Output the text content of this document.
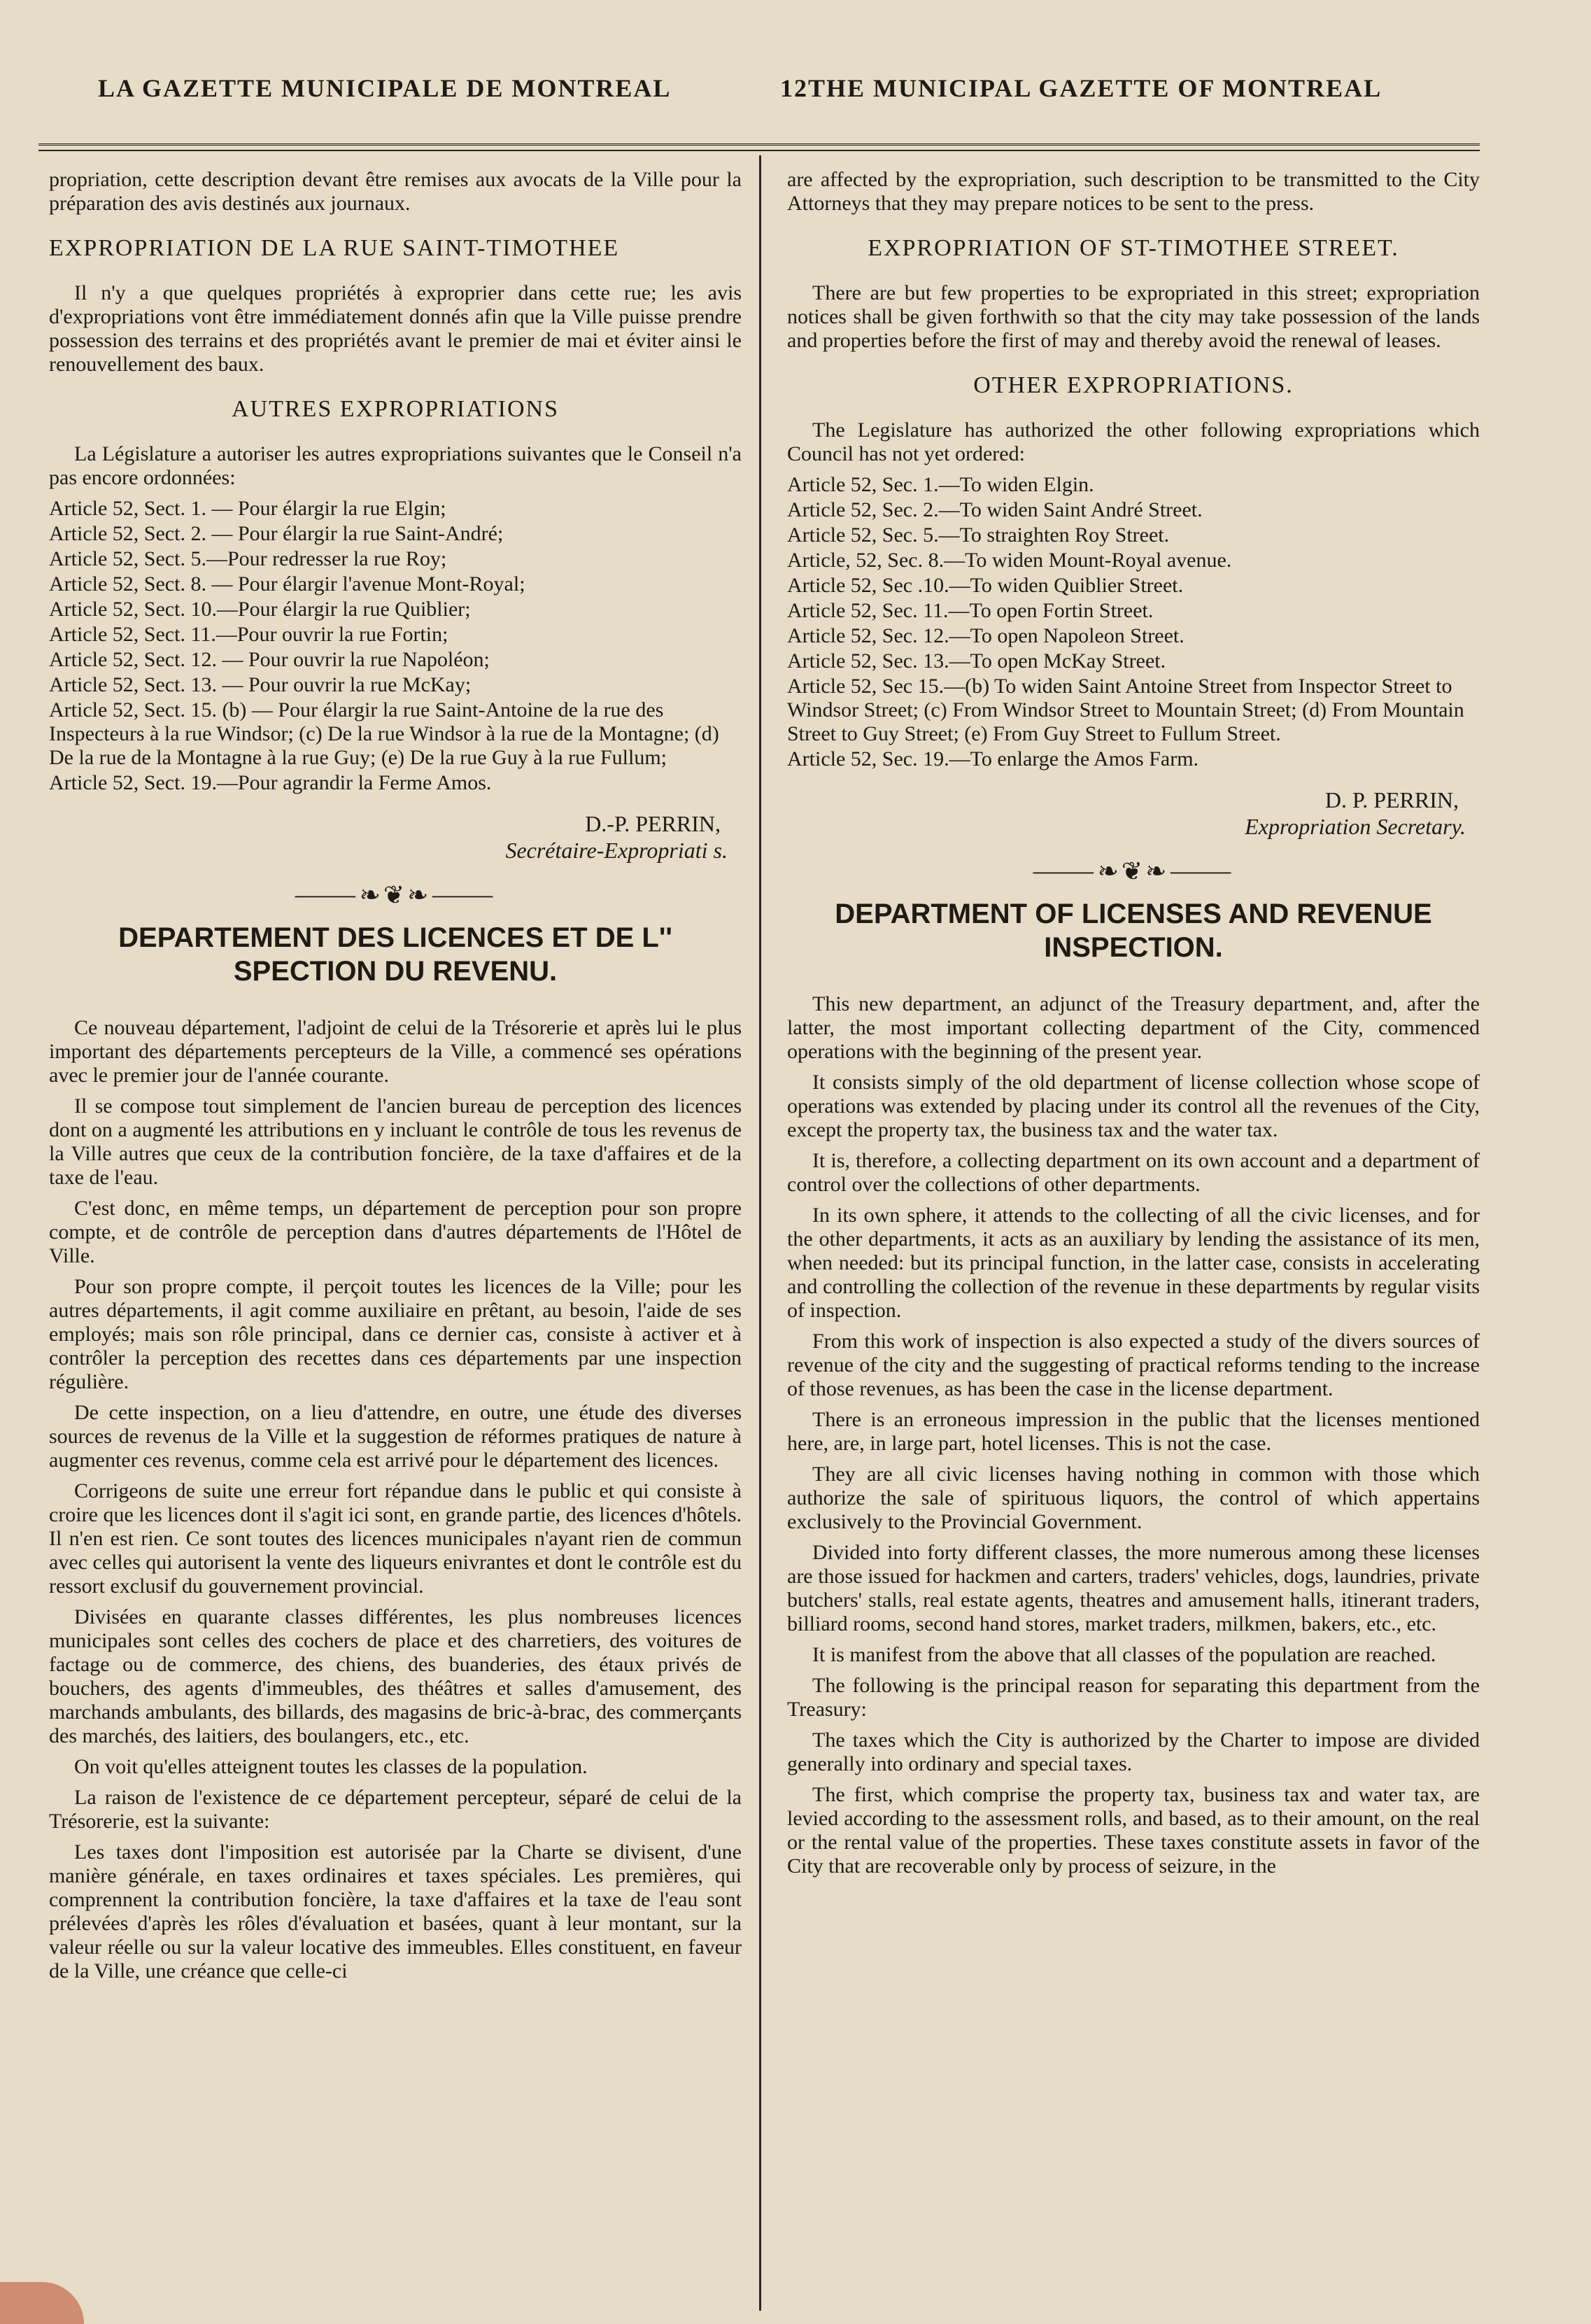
LA GAZETTE MUNICIPALE DE MONTREAL	12 THE MUNICIPAL GAZETTE OF MONTREAL

propriation, cette description devant être remises aux avocats de la Ville pour la préparation des avis destinés aux journaux.

EXPROPRIATION DE LA RUE SAINT-TIMOTHEE

Il n'y a que quelques propriétés à exproprier dans cette rue; les avis d'expropriations vont être immédiatement donnés afin que la Ville puisse prendre possession des terrains et des propriétés avant le premier de mai et éviter ainsi le renouvellement des baux.

AUTRES EXPROPRIATIONS

La Législature a autoriser les autres expropriations suivantes que le Conseil n'a pas encore ordonnées:

Article 52, Sect. 1. — Pour élargir la rue Elgin;
Article 52, Sect. 2. — Pour élargir la rue Saint-André;
Article 52, Sect. 5.—Pour redresser la rue Roy;
Article 52, Sect. 8. — Pour élargir l'avenue Mont-Royal;
Article 52, Sect. 10.—Pour élargir la rue Quiblier;
Article 52, Sect. 11.—Pour ouvrir la rue Fortin;
Article 52, Sect. 12. — Pour ouvrir la rue Napoléon;
Article 52, Sect. 13. — Pour ouvrir la rue McKay;
Article 52, Sect. 15. (b) — Pour élargir la rue Saint-Antoine de la rue des Inspecteurs à la rue Windsor; (c) De la rue Windsor à la rue de la Montagne; (d) De la rue de la Montagne à la rue Guy; (e) De la rue Guy à la rue Fullum;
Article 52, Sect. 19.—Pour agrandir la Ferme Amos.
D.-P. PERRIN,
Secrétaire-Expropriati s.
⸻❧❦❧⸻
DEPARTEMENT DES LICENCES ET DE L'' SPECTION DU REVENU.

Ce nouveau département, l'adjoint de celui de la Trésorerie et après lui le plus important des départements percepteurs de la Ville, a commencé ses opérations avec le premier jour de l'année courante.

Il se compose tout simplement de l'ancien bureau de perception des licences dont on a augmenté les attributions en y incluant le contrôle de tous les revenus de la Ville autres que ceux de la contribution foncière, de la taxe d'affaires et de la taxe de l'eau.

C'est donc, en même temps, un département de perception pour son propre compte, et de contrôle de perception dans d'autres départements de l'Hôtel de Ville.

Pour son propre compte, il perçoit toutes les licences de la Ville; pour les autres départements, il agit comme auxiliaire en prêtant, au besoin, l'aide de ses employés; mais son rôle principal, dans ce dernier cas, consiste à activer et à contrôler la perception des recettes dans ces départements par une inspection régulière.

De cette inspection, on a lieu d'attendre, en outre, une étude des diverses sources de revenus de la Ville et la suggestion de réformes pratiques de nature à augmenter ces revenus, comme cela est arrivé pour le département des licences.

Corrigeons de suite une erreur fort répandue dans le public et qui consiste à croire que les licences dont il s'agit ici sont, en grande partie, des licences d'hôtels. Il n'en est rien. Ce sont toutes des licences municipales n'ayant rien de commun avec celles qui autorisent la vente des liqueurs enivrantes et dont le contrôle est du ressort exclusif du gouvernement provincial.

Divisées en quarante classes différentes, les plus nombreuses licences municipales sont celles des cochers de place et des charretiers, des voitures de factage ou de commerce, des chiens, des buanderies, des étaux privés de bouchers, des agents d'immeubles, des théâtres et salles d'amusement, des marchands ambulants, des billards, des magasins de bric-à-brac, des commerçants des marchés, des laitiers, des boulangers, etc., etc.

On voit qu'elles atteignent toutes les classes de la population.

La raison de l'existence de ce département percepteur, séparé de celui de la Trésorerie, est la suivante:

Les taxes dont l'imposition est autorisée par la Charte se divisent, d'une manière générale, en taxes ordinaires et taxes spéciales. Les premières, qui comprennent la contribution foncière, la taxe d'affaires et la taxe de l'eau sont prélevées d'après les rôles d'évaluation et basées, quant à leur montant, sur la valeur réelle ou sur la valeur locative des immeubles. Elles constituent, en faveur de la Ville, une créance que celle-ci

are affected by the expropriation, such description to be transmitted to the City Attorneys that they may prepare notices to be sent to the press.

EXPROPRIATION OF ST-TIMOTHEE STREET.

There are but few properties to be expropriated in this street; expropriation notices shall be given forthwith so that the city may take possession of the lands and properties before the first of may and thereby avoid the renewal of leases.

OTHER EXPROPRIATIONS.

The Legislature has authorized the other following expropriations which Council has not yet ordered:

Article 52, Sec. 1.—To widen Elgin.
Article 52, Sec. 2.—To widen Saint André Street.
Article 52, Sec. 5.—To straighten Roy Street.
Article, 52, Sec. 8.—To widen Mount-Royal avenue.
Article 52, Sec .10.—To widen Quiblier Street.
Article 52, Sec. 11.—To open Fortin Street.
Article 52, Sec. 12.—To open Napoleon Street.
Article 52, Sec. 13.—To open McKay Street.
Article 52, Sec 15.—(b) To widen Saint Antoine Street from Inspector Street to Windsor Street; (c) From Windsor Street to Mountain Street; (d) From Mountain Street to Guy Street; (e) From Guy Street to Fullum Street.
Article 52, Sec. 19.—To enlarge the Amos Farm.
D. P. PERRIN,
Expropriation Secretary.
⸻❧❦❧⸻
DEPARTMENT OF LICENSES AND REVENUE INSPECTION.

This new department, an adjunct of the Treasury department, and, after the latter, the most important collecting department of the City, commenced operations with the beginning of the present year.

It consists simply of the old department of license collection whose scope of operations was extended by placing under its control all the revenues of the City, except the property tax, the business tax and the water tax.

It is, therefore, a collecting department on its own account and a department of control over the collections of other departments.

In its own sphere, it attends to the collecting of all the civic licenses, and for the other departments, it acts as an auxiliary by lending the assistance of its men, when needed: but its principal function, in the latter case, consists in accelerating and controlling the collection of the revenue in these departments by regular visits of inspection.

From this work of inspection is also expected a study of the divers sources of revenue of the city and the suggesting of practical reforms tending to the increase of those revenues, as has been the case in the license department.

There is an erroneous impression in the public that the licenses mentioned here, are, in large part, hotel licenses. This is not the case.

They are all civic licenses having nothing in common with those which authorize the sale of spirituous liquors, the control of which appertains exclusively to the Provincial Government.

Divided into forty different classes, the more numerous among these licenses are those issued for hackmen and carters, traders' vehicles, dogs, laundries, private butchers' stalls, real estate agents, theatres and amusement halls, itinerant traders, billiard rooms, second hand stores, market traders, milkmen, bakers, etc., etc.

It is manifest from the above that all classes of the population are reached.

The following is the principal reason for separating this department from the Treasury:

The taxes which the City is authorized by the Charter to impose are divided generally into ordinary and special taxes.

The first, which comprise the property tax, business tax and water tax, are levied according to the assessment rolls, and based, as to their amount, on the real or the rental value of the properties. These taxes constitute assets in favor of the City that are recoverable only by process of seizure, in the
